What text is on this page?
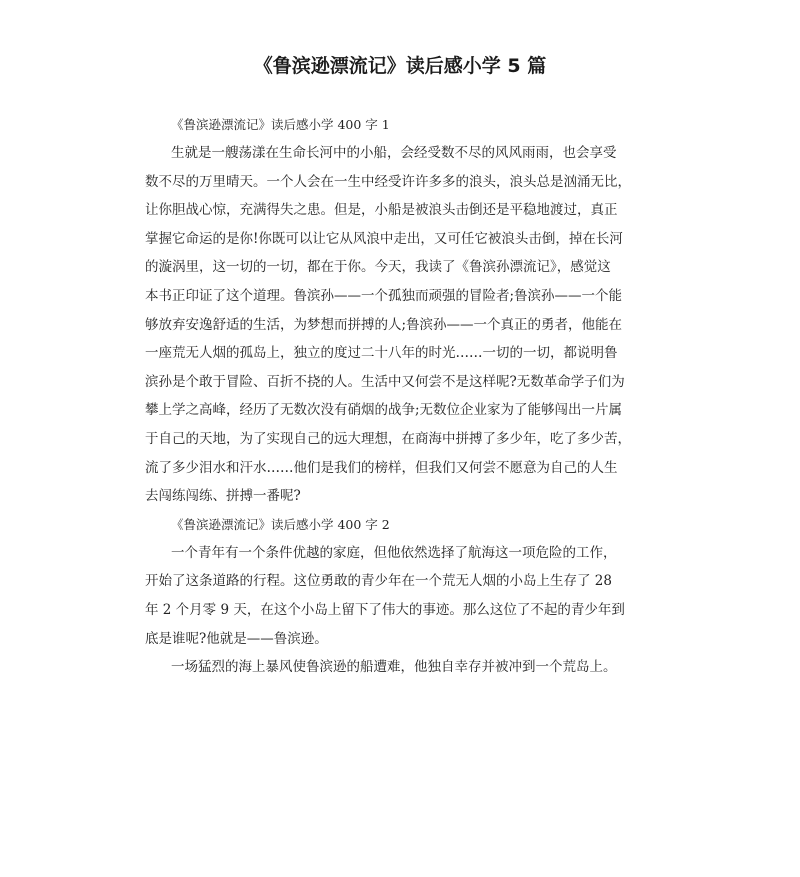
《鲁滨逊漂流记》读后感小学 5 篇
《鲁滨逊漂流记》读后感小学 400 字 1
生就是一艘荡漾在生命长河中的小船，会经受数不尽的风风雨雨，也会享受
数不尽的万里晴天。一个人会在一生中经受许许多多的浪头，浪头总是汹涌无比，
让你胆战心惊，充满得失之患。但是，小船是被浪头击倒还是平稳地渡过，真正
掌握它命运的是你!你既可以让它从风浪中走出，又可任它被浪头击倒，掉在长河
的漩涡里，这一切的一切，都在于你。今天，我读了《鲁滨孙漂流记》，感觉这
本书正印证了这个道理。鲁滨孙——一个孤独而顽强的冒险者;鲁滨孙——一个能
够放弃安逸舒适的生活，为梦想而拼搏的人;鲁滨孙——一个真正的勇者，他能在
一座荒无人烟的孤岛上，独立的度过二十八年的时光……一切的一切，都说明鲁
滨孙是个敢于冒险、百折不挠的人。生活中又何尝不是这样呢?无数革命学子们为
攀上学之高峰，经历了无数次没有硝烟的战争;无数位企业家为了能够闯出一片属
于自己的天地，为了实现自己的远大理想，在商海中拼搏了多少年，吃了多少苦，
流了多少泪水和汗水……他们是我们的榜样，但我们又何尝不愿意为自己的人生
去闯练闯练、拼搏一番呢?
《鲁滨逊漂流记》读后感小学 400 字 2
一个青年有一个条件优越的家庭，但他依然选择了航海这一项危险的工作，
开始了这条道路的行程。这位勇敢的青少年在一个荒无人烟的小岛上生存了 28
年 2 个月零 9 天，在这个小岛上留下了伟大的事迹。那么这位了不起的青少年到
底是谁呢?他就是——鲁滨逊。
一场猛烈的海上暴风使鲁滨逊的船遭难，他独自幸存并被冲到一个荒岛上。
